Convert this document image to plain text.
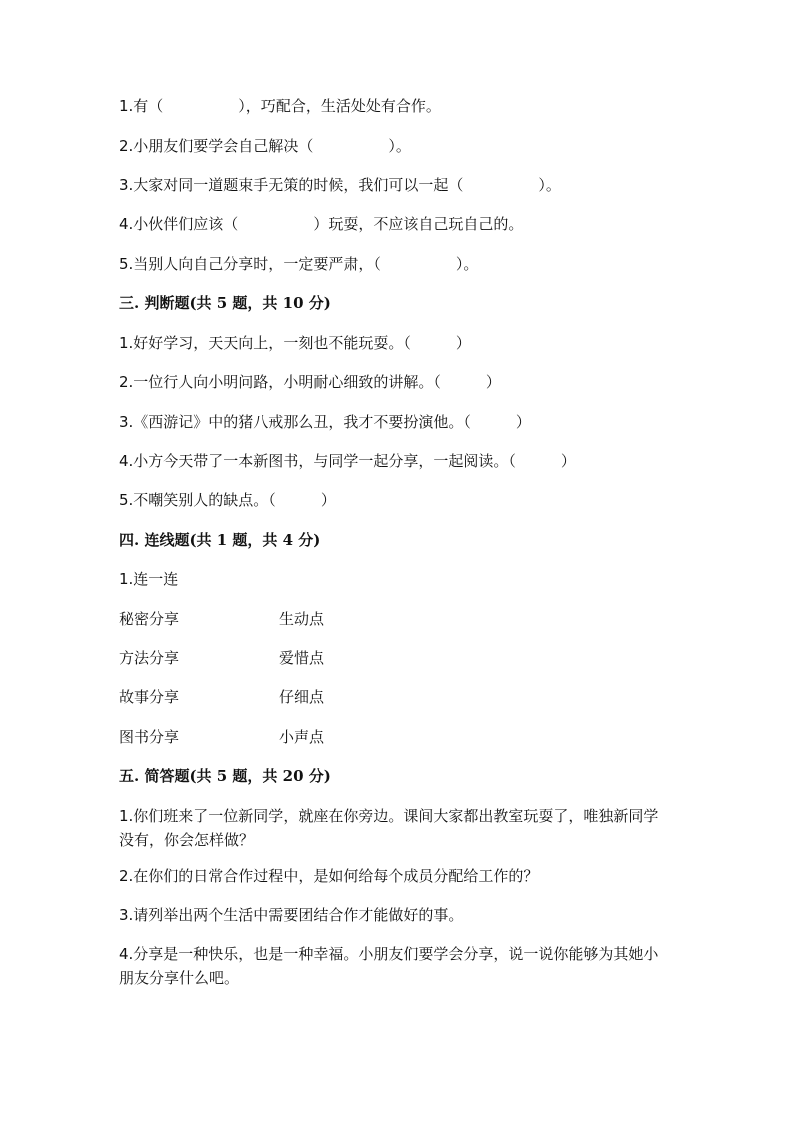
1.有（　　　　　），巧配合，生活处处有合作。
2.小朋友们要学会自己解决（　　　　　）。
3.大家对同一道题束手无策的时候，我们可以一起（　　　　　）。
4.小伙伴们应该（　　　　　）玩耍，不应该自己玩自己的。
5.当别人向自己分享时，一定要严肃，（　　　　　）。
三. 判断题(共 5 题，共 10 分)
1.好好学习，天天向上，一刻也不能玩耍。（　　　）
2.一位行人向小明问路，小明耐心细致的讲解。（　　　）
3.《西游记》中的猪八戒那么丑，我才不要扮演他。（　　　）
4.小方今天带了一本新图书，与同学一起分享，一起阅读。（　　　）
5.不嘲笑别人的缺点。（　　　）
四. 连线题(共 1 题，共 4 分)
1.连一连
秘密分享	生动点
方法分享	爱惜点
故事分享	仔细点
图书分享	小声点
五. 简答题(共 5 题，共 20 分)
1.你们班来了一位新同学，就座在你旁边。课间大家都出教室玩耍了，唯独新同学没有，你会怎样做？
2.在你们的日常合作过程中，是如何给每个成员分配给工作的？
3.请列举出两个生活中需要团结合作才能做好的事。
4.分享是一种快乐，也是一种幸福。小朋友们要学会分享，说一说你能够为其她小朋友分享什么吧。
